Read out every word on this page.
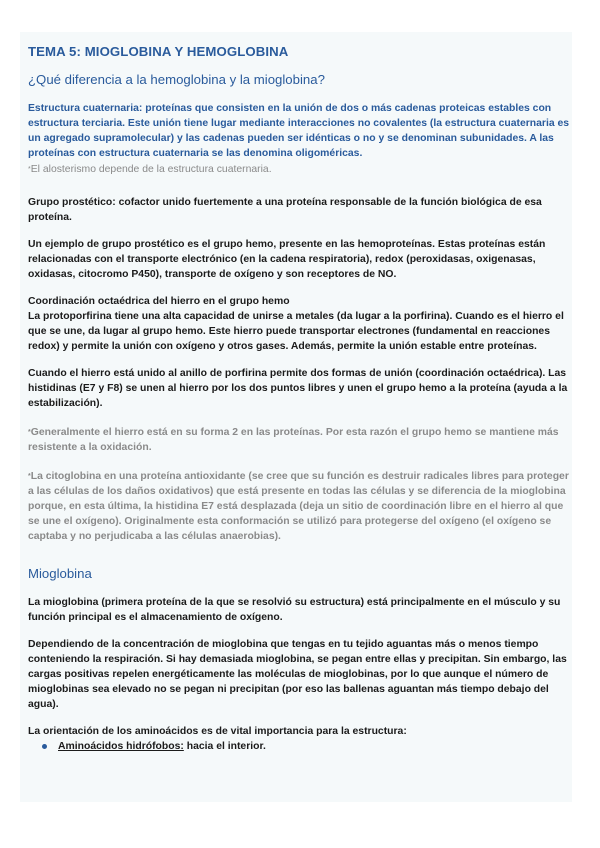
TEMA 5: MIOGLOBINA Y HEMOGLOBINA
¿Qué diferencia a la hemoglobina y la mioglobina?

Estructura cuaternaria: proteínas que consisten en la unión de dos o más cadenas proteicas estables con estructura terciaria. Este unión tiene lugar mediante interacciones no covalentes (la estructura cuaternaria es un agregado supramolecular) y las cadenas pueden ser idénticas o no y se denominan subunidades. A las proteínas con estructura cuaternaria se las denomina oligoméricas.

*El alosterismo depende de la estructura cuaternaria.

Grupo prostético: cofactor unido fuertemente a una proteína responsable de la función biológica de esa proteína.

Un ejemplo de grupo prostético es el grupo hemo, presente en las hemoproteínas. Estas proteínas están relacionadas con el transporte electrónico (en la cadena respiratoria), redox (peroxidasas, oxigenasas, oxidasas, citocromo P450), transporte de oxígeno y son receptores de NO.

Coordinación octaédrica del hierro en el grupo hemo

La protoporfirina tiene una alta capacidad de unirse a metales (da lugar a la porfirina). Cuando es el hierro el que se une, da lugar al grupo hemo. Este hierro puede transportar electrones (fundamental en reacciones redox) y permite la unión con oxígeno y otros gases. Además, permite la unión estable entre proteínas.

Cuando el hierro está unido al anillo de porfirina permite dos formas de unión (coordinación octaédrica). Las histidinas (E7 y F8) se unen al hierro por los dos puntos libres y unen el grupo hemo a la proteína (ayuda a la estabilización).

*Generalmente el hierro está en su forma 2 en las proteínas. Por esta razón el grupo hemo se mantiene más resistente a la oxidación.

*La citoglobina en una proteína antioxidante (se cree que su función es destruir radicales libres para proteger a las células de los daños oxidativos) que está presente en todas las células y se diferencia de la mioglobina porque, en esta última, la histidina E7 está desplazada (deja un sitio de coordinación libre en el hierro al que se une el oxígeno). Originalmente esta conformación se utilizó para protegerse del oxígeno (el oxígeno se captaba y no perjudicaba a las células anaerobias).

Mioglobina

La mioglobina (primera proteína de la que se resolvió su estructura) está principalmente en el músculo y su función principal es el almacenamiento de oxígeno.

Dependiendo de la concentración de mioglobina que tengas en tu tejido aguantas más o menos tiempo conteniendo la respiración. Si hay demasiada mioglobina, se pegan entre ellas y precipitan. Sin embargo, las cargas positivas repelen energéticamente las moléculas de mioglobinas, por lo que aunque el número de mioglobinas sea elevado no se pegan ni precipitan (por eso las ballenas aguantan más tiempo debajo del agua).

La orientación de los aminoácidos es de vital importancia para la estructura:

Aminoácidos hidrófobos: hacia el interior.
